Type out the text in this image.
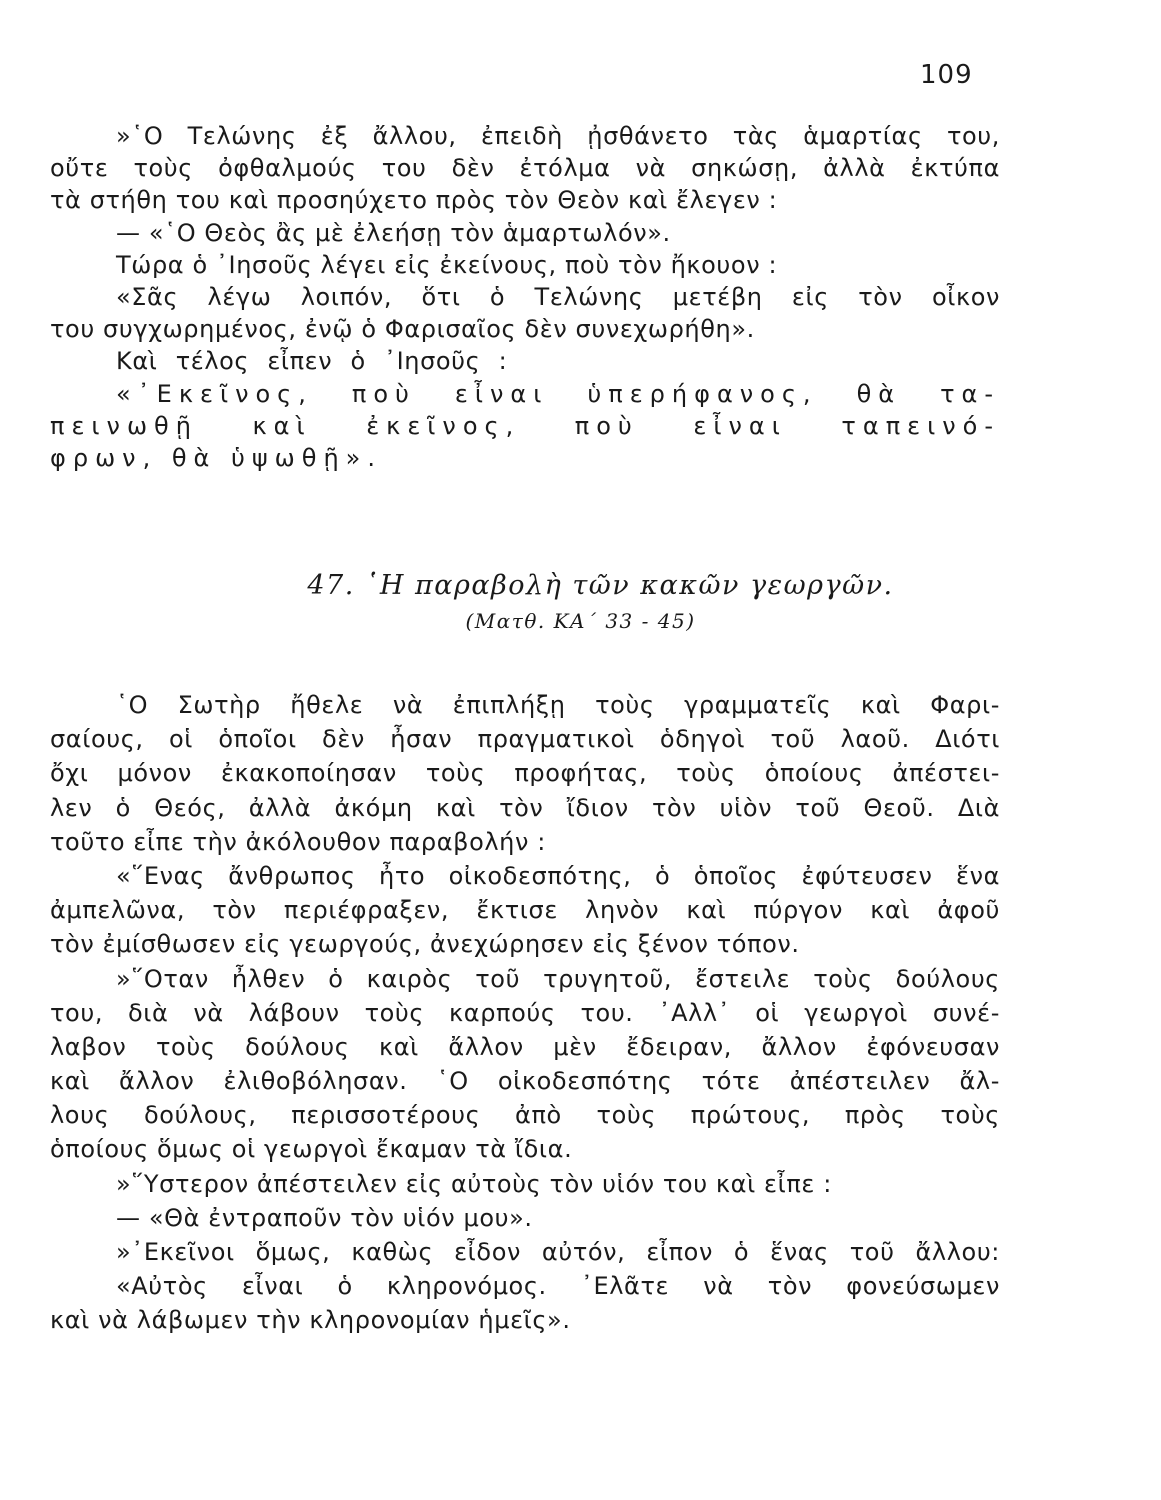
109
»῾Ο Τελώνης ἐξ ἄλλου, ἐπειδὴ ᾐσθάνετο τὰς ἁμαρτίας του,
οὔτε τοὺς ὀφθαλμούς του δὲν ἐτόλμα νὰ σηκώσῃ, ἀλλὰ ἐκτύπα
τὰ στήθη του καὶ προσηύχετο πρὸς τὸν Θεὸν καὶ ἔλεγεν :
— «῾Ο Θεὸς ἂς μὲ ἐλεήσῃ τὸν ἁμαρτωλόν».
Τώρα ὁ ᾽Ιησοῦς λέγει εἰς ἐκείνους, ποὺ τὸν ἤκουον :
«Σᾶς λέγω λοιπόν, ὅτι ὁ Τελώνης μετέβη εἰς τὸν οἶκον
του συγχωρημένος, ἐνῷ ὁ Φαρισαῖος δὲν συνεχωρήθη».
Καὶ τέλος εἶπεν ὁ ᾽Ιησοῦς :
«᾽Εκεῖνος, ποὺ εἶναι ὑπερήφανος, θὰ τα-
πεινωθῇ καὶ ἐκεῖνος, ποὺ εἶναι ταπεινό-
φρων, θὰ ὑψωθῇ».
47. ῾Η παραβολὴ τῶν κακῶν γεωργῶν.
(Ματθ. ΚΑ΄ 33 - 45)
῾Ο Σωτὴρ ἤθελε νὰ ἐπιπλήξῃ τοὺς γραμματεῖς καὶ Φαρι-
σαίους, οἱ ὁποῖοι δὲν ἦσαν πραγματικοὶ ὁδηγοὶ τοῦ λαοῦ. Διότι
ὄχι μόνον ἐκακοποίησαν τοὺς προφήτας, τοὺς ὁποίους ἀπέστει-
λεν ὁ Θεός, ἀλλὰ ἀκόμη καὶ τὸν ἴδιον τὸν υἱὸν τοῦ Θεοῦ. Διὰ
τοῦτο εἶπε τὴν ἀκόλουθον παραβολήν :
«῞Ενας ἄνθρωπος ἦτο οἰκοδεσπότης, ὁ ὁποῖος ἐφύτευσεν ἕνα
ἀμπελῶνα, τὸν περιέφραξεν, ἔκτισε ληνὸν καὶ πύργον καὶ ἀφοῦ
τὸν ἐμίσθωσεν εἰς γεωργούς, ἀνεχώρησεν εἰς ξένον τόπον.
»῞Οταν ἦλθεν ὁ καιρὸς τοῦ τρυγητοῦ, ἔστειλε τοὺς δούλους
του, διὰ νὰ λάβουν τοὺς καρπούς του. ᾽Αλλ᾽ οἱ γεωργοὶ συνέ-
λαβον τοὺς δούλους καὶ ἄλλον μὲν ἔδειραν, ἄλλον ἐφόνευσαν
καὶ ἄλλον ἐλιθοβόλησαν. ῾Ο οἰκοδεσπότης τότε ἀπέστειλεν ἄλ-
λους δούλους, περισσοτέρους ἀπὸ τοὺς πρώτους, πρὸς τοὺς
ὁποίους ὅμως οἱ γεωργοὶ ἔκαμαν τὰ ἴδια.
»῞Υστερον ἀπέστειλεν εἰς αὐτοὺς τὸν υἱόν του καὶ εἶπε :
— «Θὰ ἐντραποῦν τὸν υἱόν μου».
»᾽Εκεῖνοι ὅμως, καθὼς εἶδον αὐτόν, εἶπον ὁ ἕνας τοῦ ἄλλου:
«Αὐτὸς εἶναι ὁ κληρονόμος. ᾽Ελᾶτε νὰ τὸν φονεύσωμεν
καὶ νὰ λάβωμεν τὴν κληρονομίαν ἡμεῖς».
